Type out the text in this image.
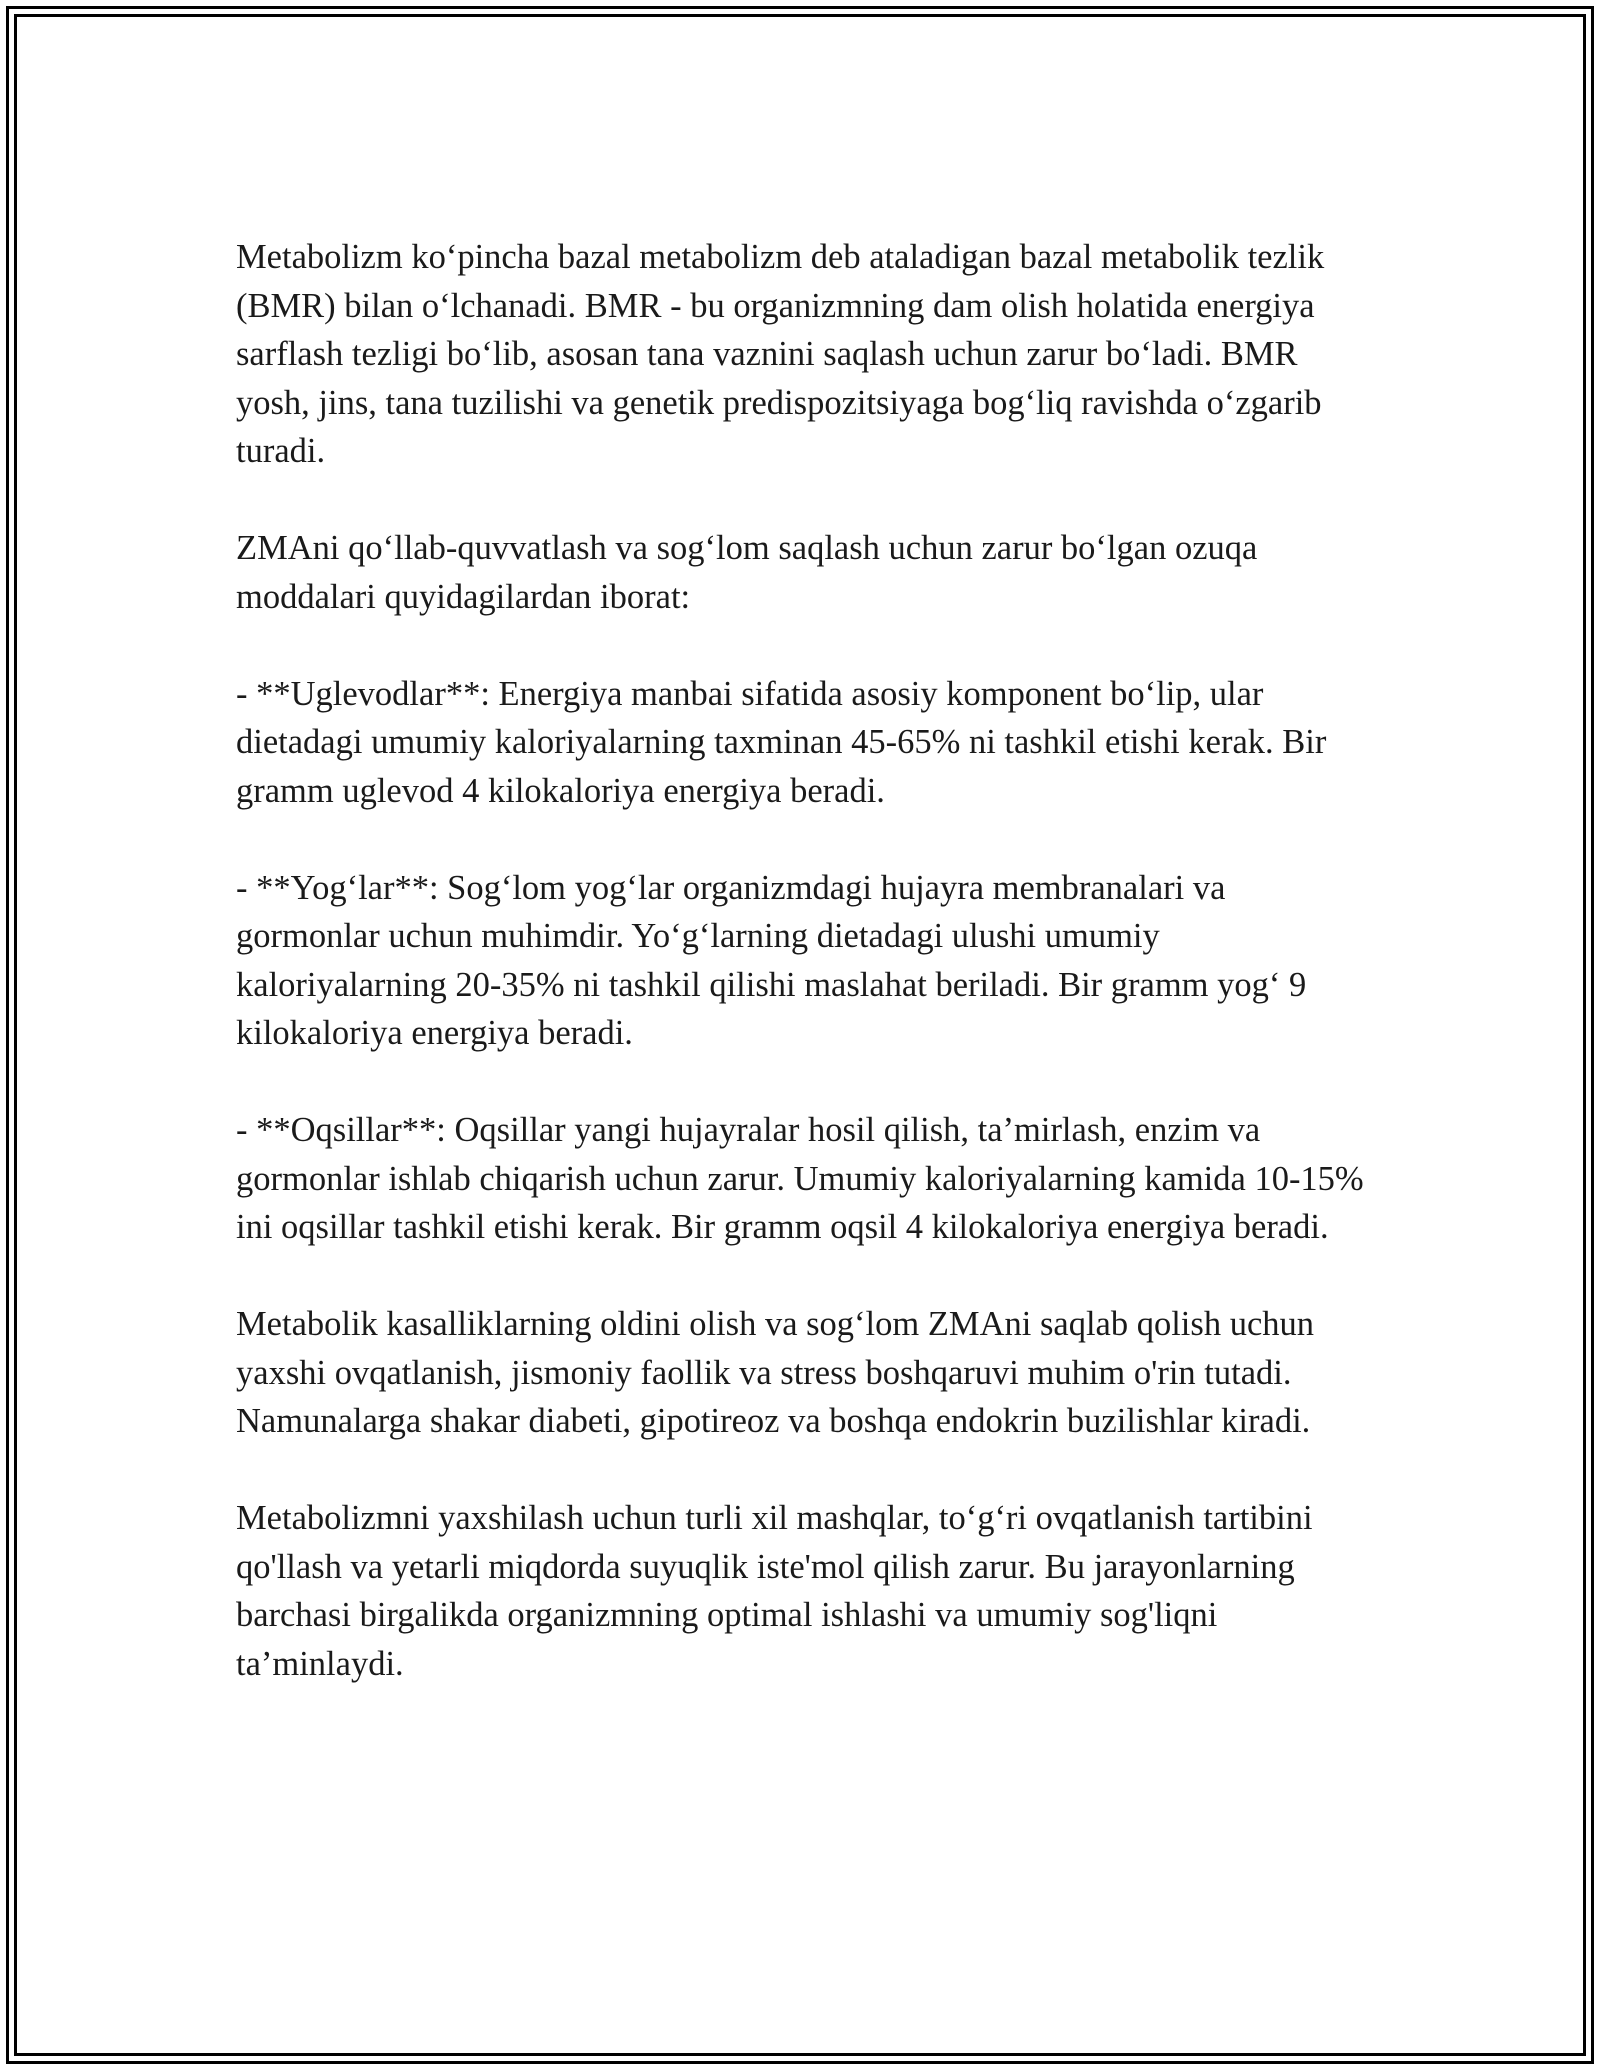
Metabolizm ko‘pincha bazal metabolizm deb ataladigan bazal metabolik tezlik (BMR) bilan o‘lchanadi. BMR - bu organizmning dam olish holatida energiya sarflash tezligi bo‘lib, asosan tana vaznini saqlash uchun zarur bo‘ladi. BMR yosh, jins, tana tuzilishi va genetik predispozitsiyaga bog‘liq ravishda o‘zgarib turadi.

ZMAni qo‘llab-quvvatlash va sog‘lom saqlash uchun zarur bo‘lgan ozuqa moddalari quyidagilardan iborat:

- **Uglevodlar**: Energiya manbai sifatida asosiy komponent bo‘lip, ular dietadagi umumiy kaloriyalarning taxminan 45-65% ni tashkil etishi kerak. Bir gramm uglevod 4 kilokaloriya energiya beradi.

- **Yog‘lar**: Sog‘lom yog‘lar organizmdagi hujayra membranalari va gormonlar uchun muhimdir. Yo‘g‘larning dietadagi ulushi umumiy kaloriyalarning 20-35% ni tashkil qilishi maslahat beriladi. Bir gramm yog‘ 9 kilokaloriya energiya beradi.

- **Oqsillar**: Oqsillar yangi hujayralar hosil qilish, ta’mirlash, enzim va gormonlar ishlab chiqarish uchun zarur. Umumiy kaloriyalarning kamida 10-15% ini oqsillar tashkil etishi kerak. Bir gramm oqsil 4 kilokaloriya energiya beradi.

Metabolik kasalliklarning oldini olish va sog‘lom ZMAni saqlab qolish uchun yaxshi ovqatlanish, jismoniy faollik va stress boshqaruvi muhim o'rin tutadi. Namunalarga shakar diabeti, gipotireoz va boshqa endokrin buzilishlar kiradi.

Metabolizmni yaxshilash uchun turli xil mashqlar, to‘g‘ri ovqatlanish tartibini qo'llash va yetarli miqdorda suyuqlik iste'mol qilish zarur. Bu jarayonlarning barchasi birgalikda organizmning optimal ishlashi va umumiy sog'liqni ta’minlaydi.
